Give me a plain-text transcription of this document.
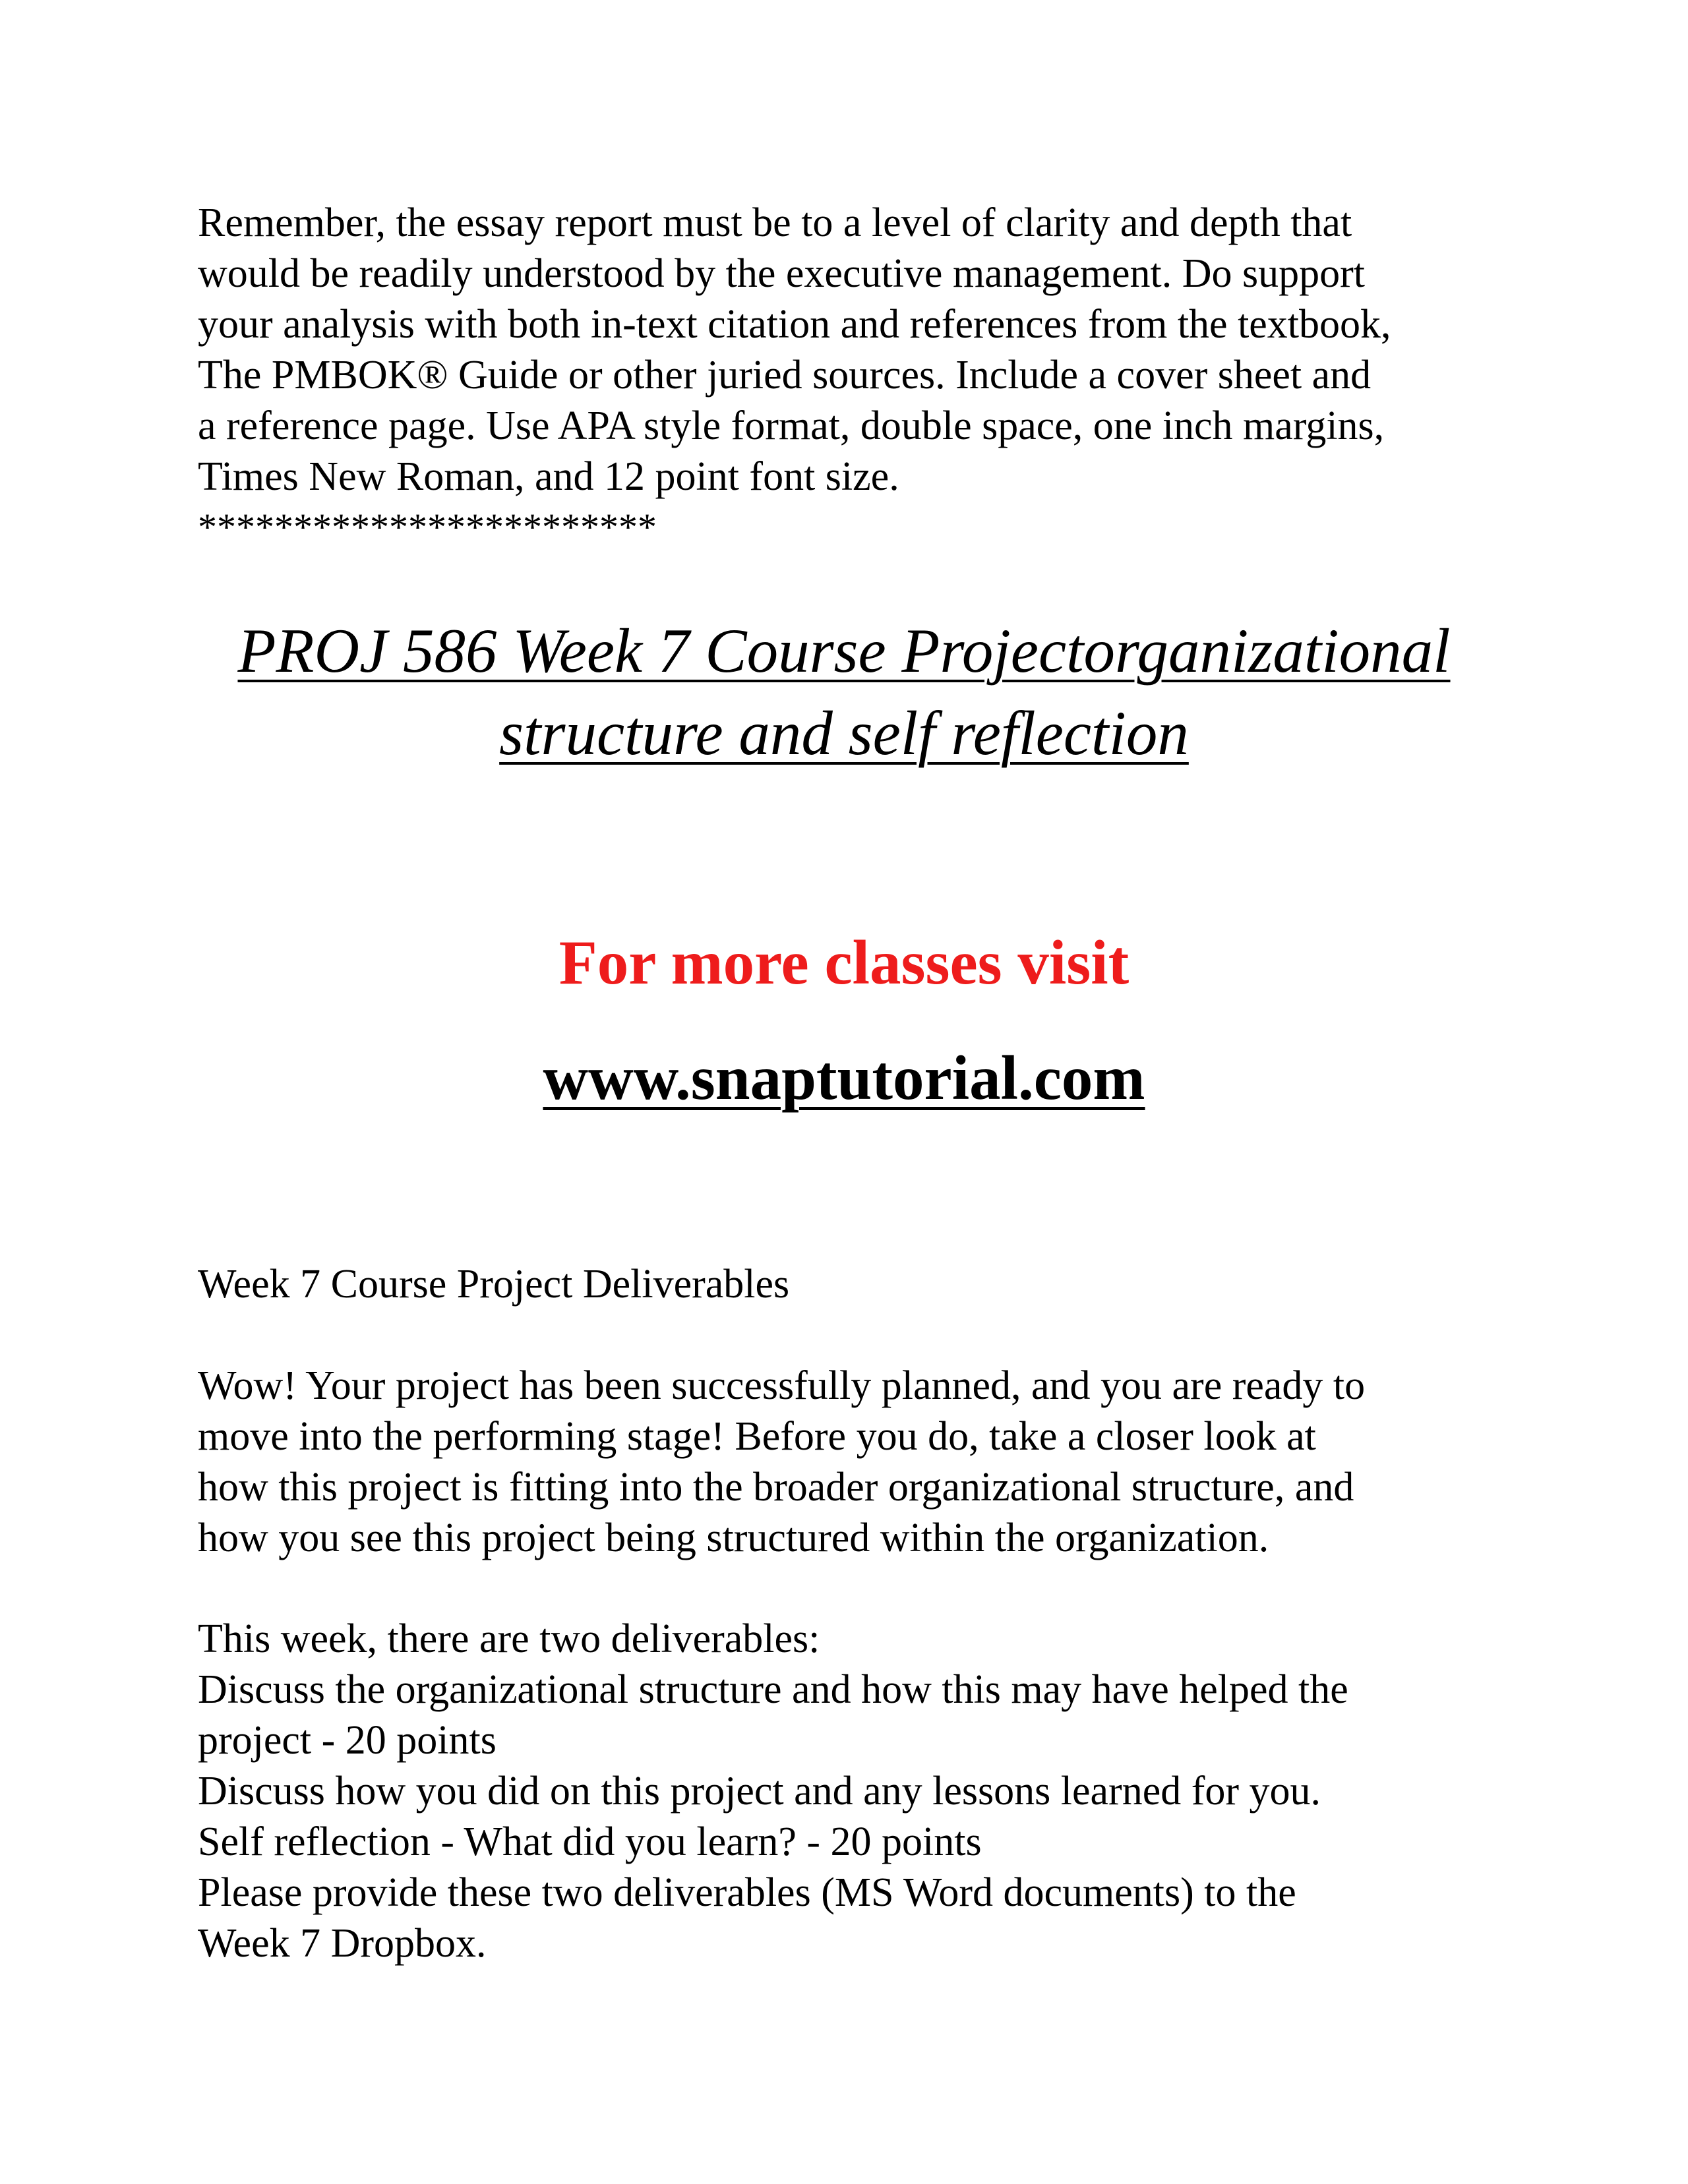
Remember, the essay report must be to a level of clarity and depth that
would be readily understood by the executive management. Do support
your analysis with both in-text citation and references from the textbook,
The PMBOK® Guide or other juried sources. Include a cover sheet and
a reference page. Use APA style format, double space, one inch margins,
Times New Roman, and 12 point font size.
************************
PROJ 586 Week 7 Course Projectorganizational
structure and self reflection
For more classes visit
www.snaptutorial.com
Week 7 Course Project Deliverables
Wow! Your project has been successfully planned, and you are ready to
move into the performing stage! Before you do, take a closer look at
how this project is fitting into the broader organizational structure, and
how you see this project being structured within the organization.
This week, there are two deliverables:
Discuss the organizational structure and how this may have helped the
project - 20 points
Discuss how you did on this project and any lessons learned for you.
Self reflection - What did you learn? - 20 points
Please provide these two deliverables (MS Word documents) to the
Week 7 Dropbox.
